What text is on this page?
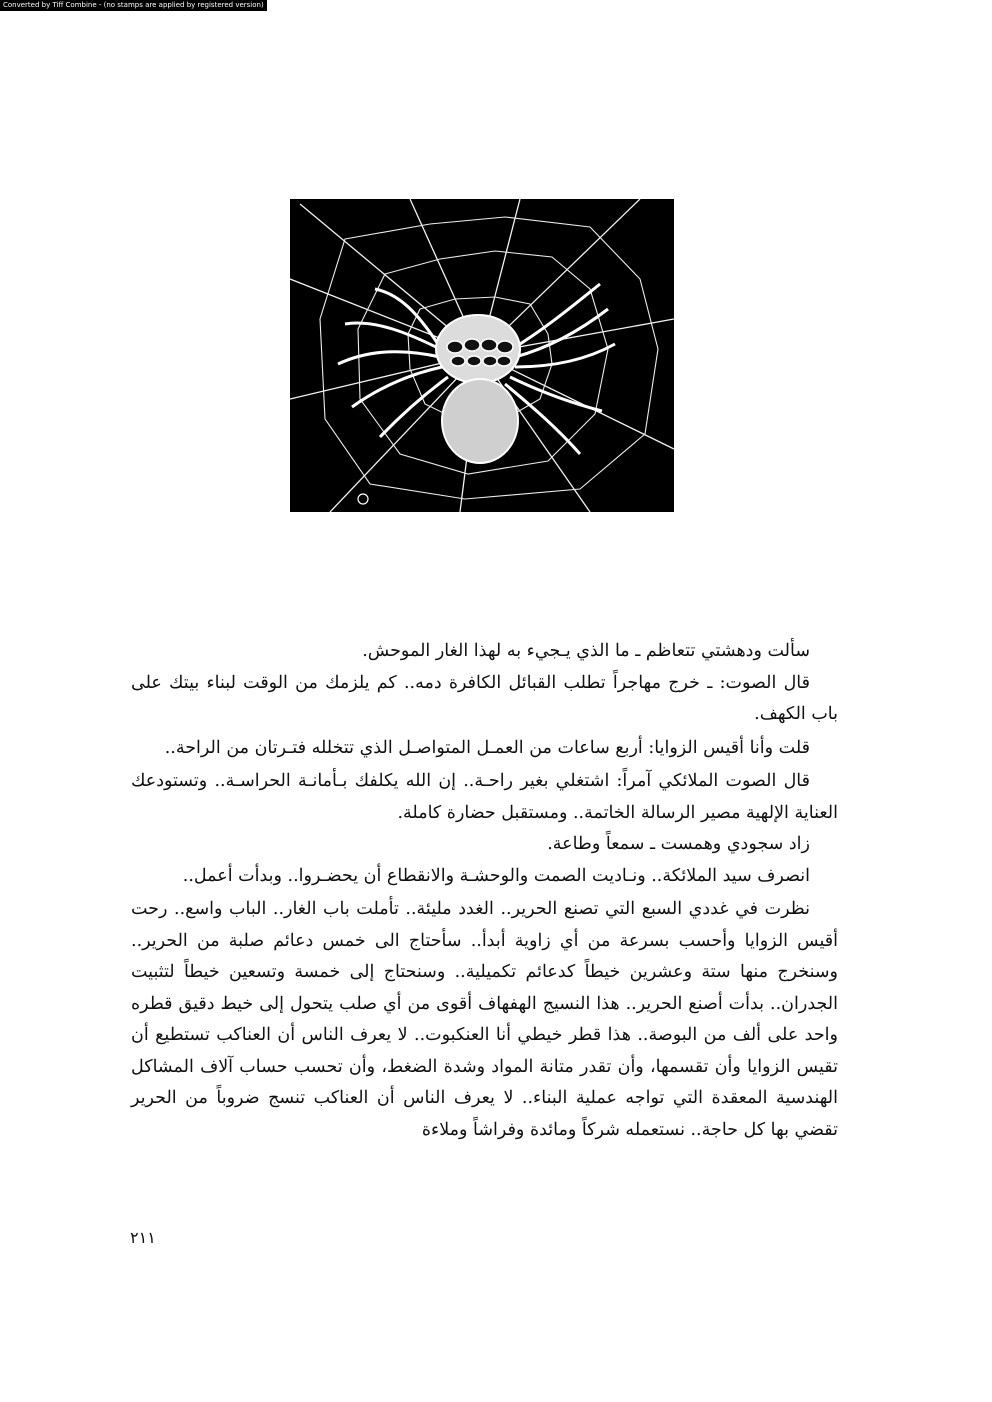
Converted by Tiff Combine - (no stamps are applied by registered version)

سألت ودهشتي تتعاظم ـ ما الذي يـجيء به لهذا الغار الموحش.

قال الصوت: ـ خرج مهاجراً تطلب القبائل الكافرة دمه.. كم يلزمك من الوقت لبناء بيتك على باب الكهف.

قلت وأنا أقيس الزوايا: أربع ساعات من العمـل المتواصـل الذي تتخلله فتـرتان من الراحة..

قال الصوت الملائكي آمراً: اشتغلي بغير راحـة.. إن الله يكلفك بـأمانـة الحراسـة.. وتستودعك العناية الإلهية مصير الرسالة الخاتمة.. ومستقبل حضارة كاملة.

زاد سجودي وهمست ـ سمعاً وطاعة.

انصرف سيد الملائكة.. ونـاديت الصمت والوحشـة والانقطاع أن يحضـروا.. وبدأت أعمل..

نظرت في غددي السبع التي تصنع الحرير.. الغدد مليئة.. تأملت باب الغار.. الباب واسع.. رحت أقيس الزوايا وأحسب بسرعة من أي زاوية أبدأ.. سأحتاج الى خمس دعائم صلبة من الحرير.. وسنخرج منها ستة وعشرين خيطاً كدعائم تكميلية.. وسنحتاج إلى خمسة وتسعين خيطاً لتثبيت الجدران.. بدأت أصنع الحرير.. هذا النسيج الهفهاف أقوى من أي صلب يتحول إلى خيط دقيق قطره واحد على ألف من البوصة.. هذا قطر خيطي أنا العنكبوت.. لا يعرف الناس أن العناكب تستطيع أن تقيس الزوايا وأن تقسمها، وأن تقدر متانة المواد وشدة الضغط، وأن تحسب حساب آلاف المشاكل الهندسية المعقدة التي تواجه عملية البناء.. لا يعرف الناس أن العناكب تنسج ضروباً من الحرير تقضي بها كل حاجة.. نستعمله شركاً ومائدة وفراشاً وملاءة

٢١١
